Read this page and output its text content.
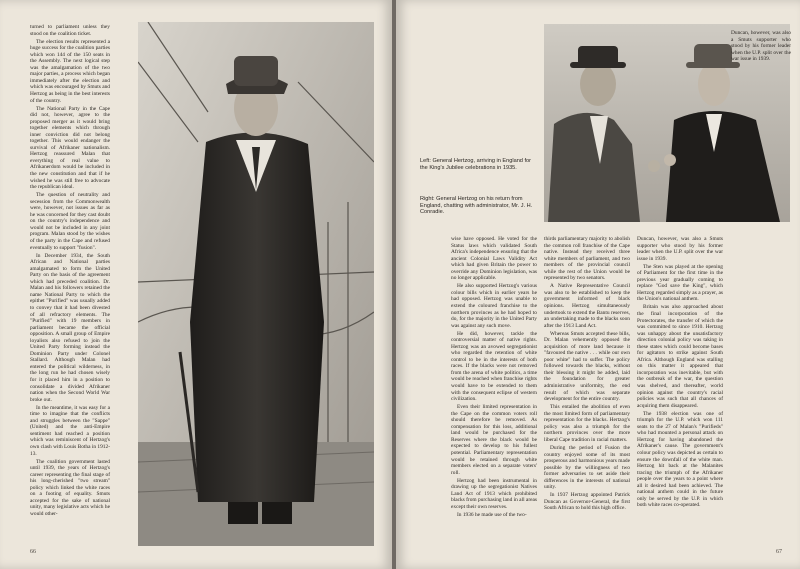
turned to parliament unless they stood on the coalition ticket.

The election results represented a huge success for the coalition parties which won 144 of the 150 seats in the Assembly. The next logical step was the amalgamation of the two major parties, a process which began immediately after the election and which was encouraged by Smuts and Hertzog as being in the best interests of the country.

The National Party in the Cape did not, however, agree to the proposed merger as it would bring together elements which through inner conviction did not belong together. This would endanger the survival of Afrikaner nationalism. Hertzog reassured Malan that everything of real value to Afrikanerdom would be included in the new constitution and that if he wished he was still free to advocate the republican ideal.

The question of neutrality and secession from the Commonwealth were, however, not issues as far as he was concerned for they cast doubt on the country's independence and would not be included in any joint program. Malan stood by the wishes of the party in the Cape and refused eventually to support "fusion".

In December 1934, the South African and National parties amalgamated to form the United Party on the basis of the agreement which had preceded coalition. Dr. Malan and his followers retained the name National Party to which the epithet "Purified" was usually added to convey that it had been divested of all refractory elements. The "Purified" with 19 members in parliament became the official opposition. A small group of Empire loyalists also refused to join the United Party forming instead the Dominion Party under Colonel Stallard. Although Malan had entered the political wilderness, in the long run he had chosen wisely for it placed him in a position to consolidate a divided Afrikaner nation when the Second World War broke out.

In the meantime, it was easy for a time to imagine that the conflicts and struggles between the "Sappe" (United) and the anti-Empire sentiment had reached a position which was reminiscent of Hertzog's own clash with Louis Botha in 1912-13.

The coalition government lasted until 1939, the years of Hertzog's career representing the final stage of his long-cherished "two stream" policy which linked the white races on a footing of equality. Smuts accepted for the sake of national unity, many legislative acts which he would other-

66
Left: General Hertzog, arriving in England for the King's Jubilee celebrations in 1935.
Right: General Hertzog on his return from England, chatting with administrator, Mr. J. H. Conradie.

wise have opposed. He voted for the Status laws which validated South Africa's independence ensuring that the ancient Colonial Laws Validity Act which had given Britain the power to override any Dominion legislation, was no longer applicable.

He also supported Hertzog's various colour bills which in earlier years he had opposed. Hertzog was unable to extend the coloured franchise to the northern provinces as he had hoped to do, for the majority in the United Party was against any such move.

He did, however, tackle the controversial matter of native rights. Hertzog was an avowed segregationist who regarded the retention of white control to be in the interests of both races. If the blacks were not removed from the arena of white politics, a time would be reached when franchise rights would have to be extended to them with the consequent eclipse of western civilization.

Even their limited representation in the Cape on the common voters roll should therefore be removed. As compensation for this loss, additional land would be purchased for the Reserves where the black would be expected to develop to his fullest potential. Parliamentary representation would be retained through white members elected on a separate voters' roll.

Hertzog had been instrumental in drawing up the segregationist Natives Land Act of 1913 which prohibited blacks from purchasing land in all areas except their own reserves.

In 1936 he made use of the two-

thirds parliamentary majority to abolish the common roll franchise of the Cape native. Instead they received three white members of parliament, and two members of the provincial council while the rest of the Union would be represented by two senators.

A Native Representative Council was also to be established to keep the government informed of black opinions. Hertzog simultaneously undertook to extend the Bantu reserves, an undertaking made to the blacks soon after the 1913 Land Act.

Whereas Smuts accepted these bills, Dr. Malan vehemently opposed the acquisition of more land because it "favoured the native . . . while our own poor white" had to suffer. The policy followed towards the blacks, without their blessing it might be added, laid the foundation for greater administrative uniformity, the end result of which was separate development for the entire country.

This entailed the abolition of even the most limited form of parliamentary representation for the blacks. Hertzog's policy was also a triumph for the northern provinces over the more liberal Cape tradition in racial matters.

During the period of Fusion the country enjoyed some of its most prosperous and harmonious years made possible by the willingness of two former adversaries to set aside their differences in the interests of national unity.

In 1937 Hertzog appointed Patrick Duncan as Governor-General, the first South African to hold this high office.

Duncan, however, was also a Smuts supporter who stood by his former leader when the U.P. split over the war issue in 1939.

The Sten was played at the opening of Parliament for the first time in the previous year gradually coming to replace "God save the King", which Hertzog regarded simply as a prayer, as the Union's national anthem.

Britain was also approached about the final incorporation of the Protectorates, the transfer of which the was committed to since 1910. Hertzog was unhappy about the unsatisfactory direction colonial policy was taking in these states which could become bases for agitators to strike against South Africa. Although England was stalling on this matter it appeared that incorporation was inevitable, but with the outbreak of the war, the question was shelved, and thereafter, world opinion against the country's racial policies was such that all chances of acquiring them disappeared.

The 1938 election was one of triumph for the U.P. which won 111 seats to the 27 of Malan's "Purifieds" who had mounted a personal attack on Hertzog for having abandoned the Afrikaner's cause. The government's colour policy was depicted as certain to ensure the downfall of the white man. Hertzog hit back at the Malanites tracing the triumph of the Afrikaner people over the years to a point where all it desired had been achieved. The national anthem could in the future only be served by the U.P. in which both white races co-operated.

Duncan, however, was also a Smuts supporter who stood by his former leader when the U.P. split over the war issue in 1939.

67
